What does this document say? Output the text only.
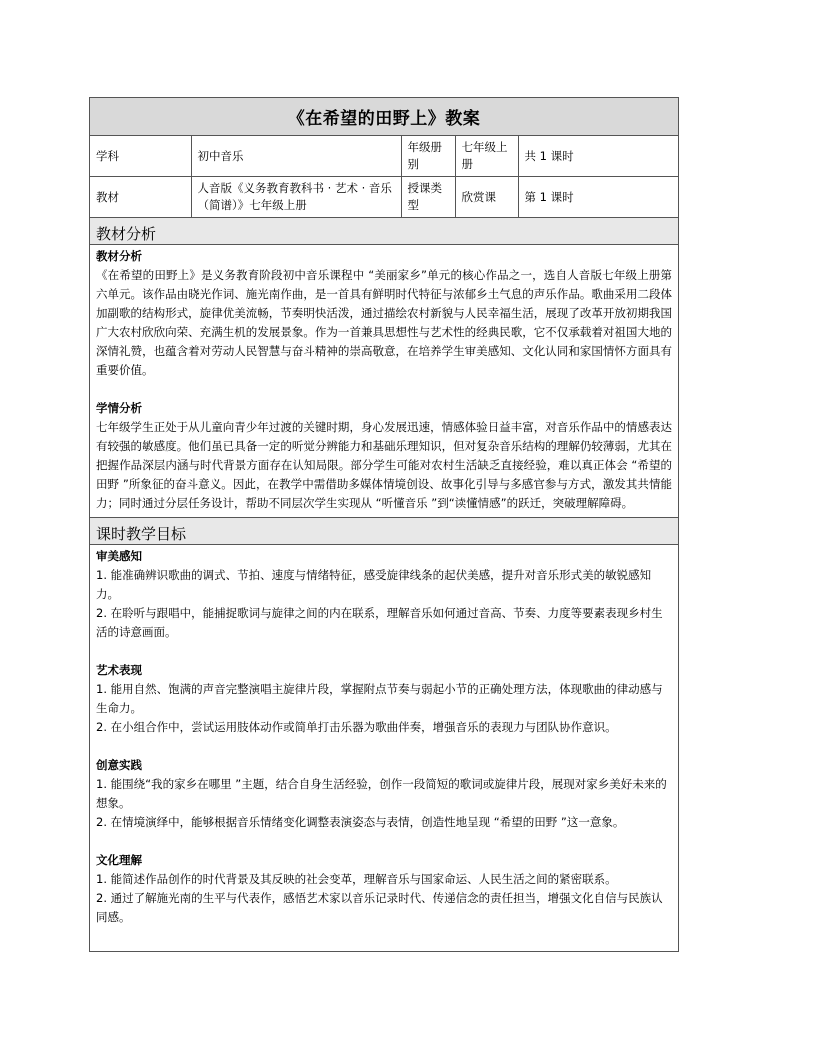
《在希望的田野上》教案
学科	初中音乐	年级册别	七年级上册	共 1 课时
教材	人音版《义务教育教科书 · 艺术 · 音乐（简谱）》七年级上册	授课类型	欣赏课	第 1 课时
教材分析

教材分析

《在希望的田野上》是义务教育阶段初中音乐课程中 “美丽家乡”单元的核心作品之一，选自人音版七年级上册第六单元。该作品由晓光作词、施光南作曲，是一首具有鲜明时代特征与浓郁乡土气息的声乐作品。歌曲采用二段体加副歌的结构形式，旋律优美流畅，节奏明快活泼，通过描绘农村新貌与人民幸福生活，展现了改革开放初期我国广大农村欣欣向荣、充满生机的发展景象。作为一首兼具思想性与艺术性的经典民歌，它不仅承载着对祖国大地的深情礼赞，也蕴含着对劳动人民智慧与奋斗精神的崇高敬意，在培养学生审美感知、文化认同和家国情怀方面具有重要价值。

学情分析

七年级学生正处于从儿童向青少年过渡的关键时期，身心发展迅速，情感体验日益丰富，对音乐作品中的情感表达有较强的敏感度。他们虽已具备一定的听觉分辨能力和基础乐理知识，但对复杂音乐结构的理解仍较薄弱，尤其在把握作品深层内涵与时代背景方面存在认知局限。部分学生可能对农村生活缺乏直接经验，难以真正体会 “希望的田野 ”所象征的奋斗意义。因此，在教学中需借助多媒体情境创设、故事化引导与多感官参与方式，激发其共情能力；同时通过分层任务设计，帮助不同层次学生实现从 “听懂音乐 ”到“读懂情感”的跃迁，突破理解障碍。

课时教学目标

审美感知

1. 能准确辨识歌曲的调式、节拍、速度与情绪特征，感受旋律线条的起伏美感，提升对音乐形式美的敏锐感知力。

2. 在聆听与跟唱中，能捕捉歌词与旋律之间的内在联系，理解音乐如何通过音高、节奏、力度等要素表现乡村生活的诗意画面。

艺术表现

1. 能用自然、饱满的声音完整演唱主旋律片段，掌握附点节奏与弱起小节的正确处理方法，体现歌曲的律动感与生命力。

2. 在小组合作中，尝试运用肢体动作或简单打击乐器为歌曲伴奏，增强音乐的表现力与团队协作意识。

创意实践

1. 能围绕“我的家乡在哪里 ”主题，结合自身生活经验，创作一段简短的歌词或旋律片段，展现对家乡美好未来的想象。

2. 在情境演绎中，能够根据音乐情绪变化调整表演姿态与表情，创造性地呈现 “希望的田野 ”这一意象。

文化理解

1. 能简述作品创作的时代背景及其反映的社会变革，理解音乐与国家命运、人民生活之间的紧密联系。

2. 通过了解施光南的生平与代表作，感悟艺术家以音乐记录时代、传递信念的责任担当，增强文化自信与民族认同感。
